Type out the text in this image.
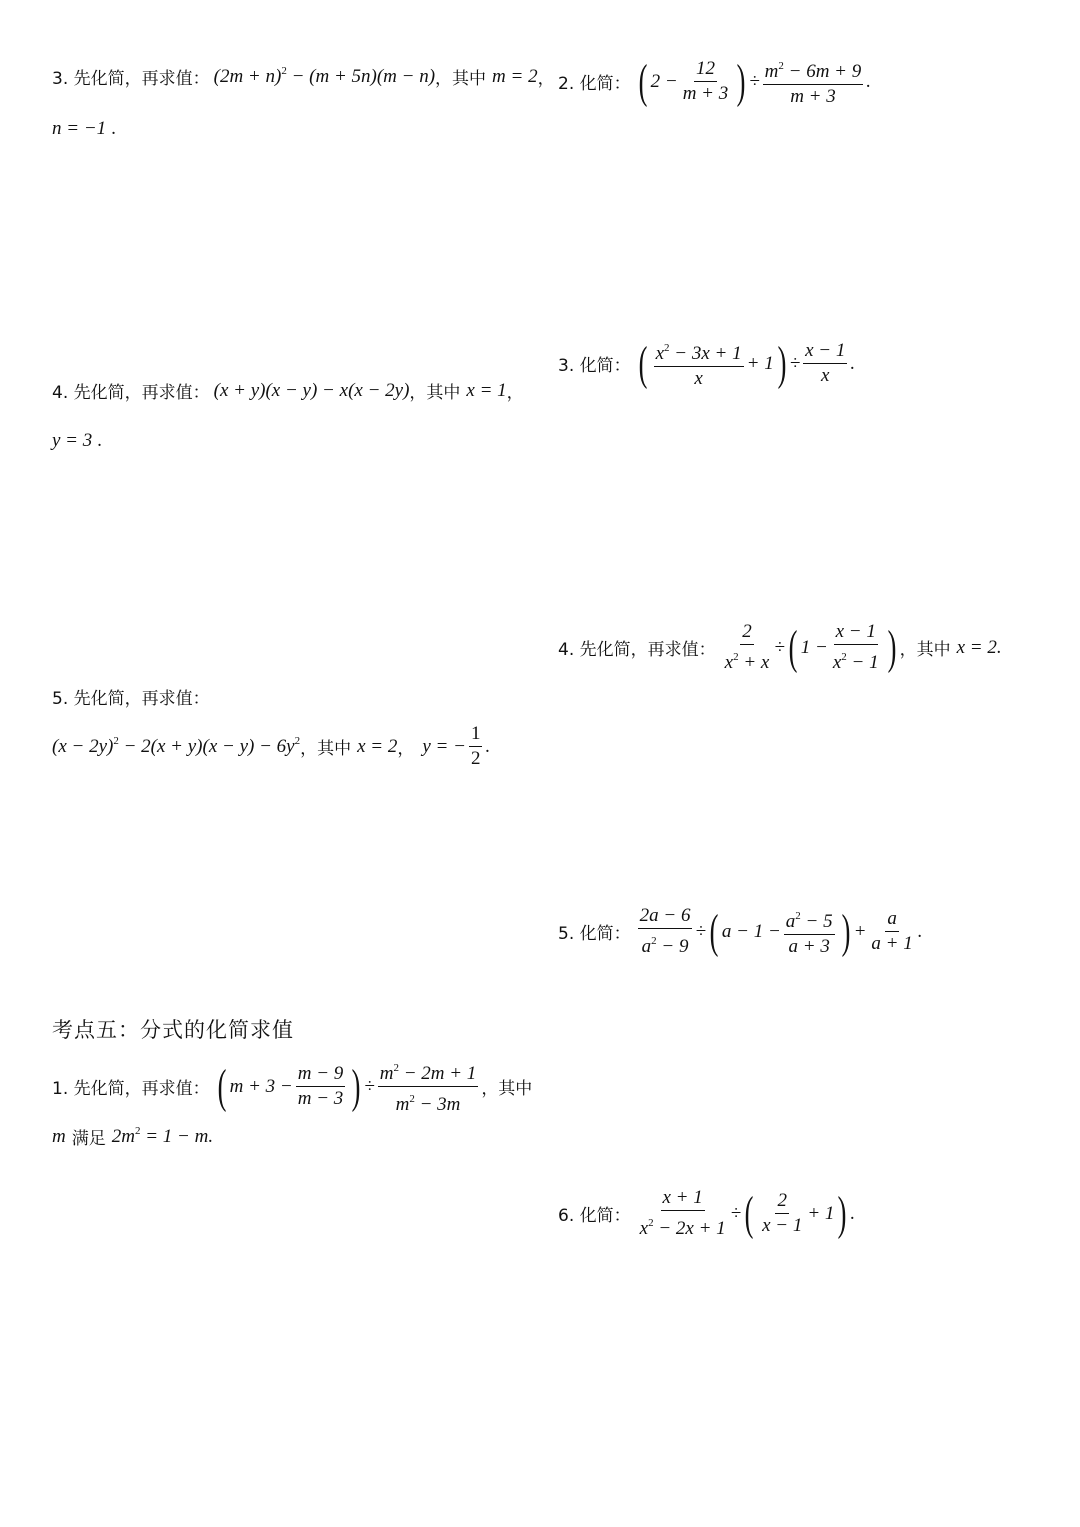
3. 先化简，再求值： $(2m + n)^2 - (m + 5n)(m - n)$ ，其中 m = 2 ，
n = −1 .
4. 先化简，再求值： (x + y)(x − y) − x(x − 2y) ，其中 x = 1 ，
y = 3 .
5. 先化简，再求值：
$(x - 2y)^2 - 2(x + y)(x - y) - 6y^2$ ，其中 x = 2 ， y = − $\frac{1}{2}$ .
考点五：分式的化简求值
1. 先化简，再求值： ( $m + 3 - \frac{m - 9}{m - 3}$ ) ÷ $\frac{m^2 - 2m + 1}{m^2 - 3m}$ ，其中
m 满足 $2m^2 = 1 - m$ .
2. 化简： ( $2 - \frac{12}{m + 3}$ ) ÷ $\frac{m^2 - 6m + 9}{m + 3}$ .
3. 化简： ( $\frac{x^2 - 3x + 1}{x} + 1$ ) ÷ $\frac{x - 1}{x}$ .
4. 先化简，再求值： $\frac{2}{x^2 + x}$ ÷ ( $1 - \frac{x - 1}{x^2 - 1}$ ) ，其中 x = 2 .
5. 化简： $\frac{2a - 6}{a^2 - 9}$ ÷ ( $a - 1 - \frac{a^2 - 5}{a + 3}$ ) + $\frac{a}{a + 1}$ .
6. 化简： $\frac{x + 1}{x^2 - 2x + 1}$ ÷ ( $\frac{2}{x - 1} + 1$ ) .
